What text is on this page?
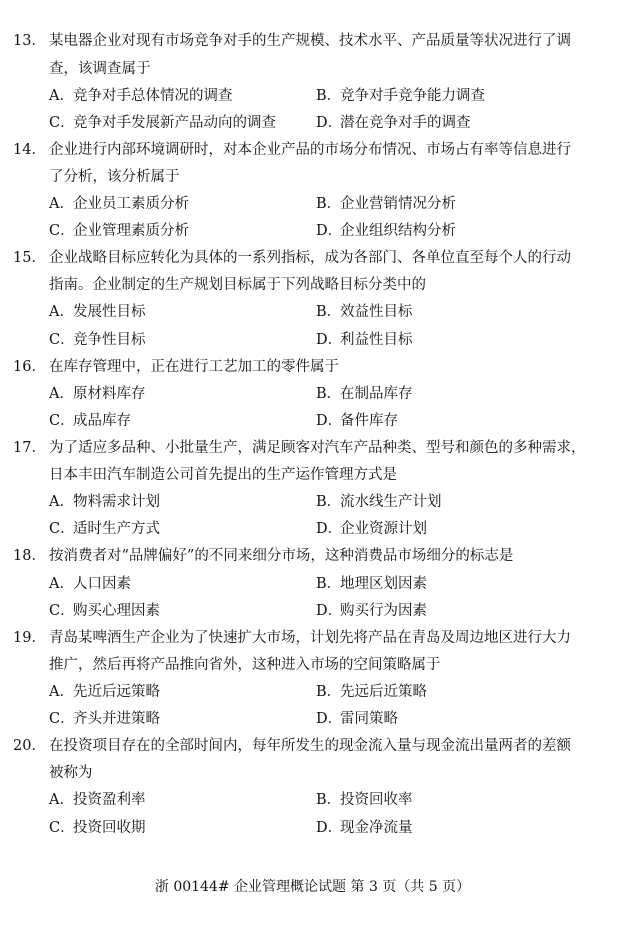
13． 某电器企业对现有市场竞争对手的生产规模、技术水平、产品质量等状况进行了调
查，该调查属于
A．竞争对手总体情况的调查	B．竞争对手竞争能力调查
C．竞争对手发展新产品动向的调查	D．潜在竞争对手的调查
14． 企业进行内部环境调研时，对本企业产品的市场分布情况、市场占有率等信息进行
了分析，该分析属于
A．企业员工素质分析	B．企业营销情况分析
C．企业管理素质分析	D．企业组织结构分析
15． 企业战略目标应转化为具体的一系列指标，成为各部门、各单位直至每个人的行动
指南。企业制定的生产规划目标属于下列战略目标分类中的
A．发展性目标	B．效益性目标
C．竞争性目标	D．利益性目标
16． 在库存管理中，正在进行工艺加工的零件属于
A．原材料库存	B．在制品库存
C．成品库存	D．备件库存
17． 为了适应多品种、小批量生产，满足顾客对汽车产品种类、型号和颜色的多种需求，
日本丰田汽车制造公司首先提出的生产运作管理方式是
A．物料需求计划	B．流水线生产计划
C．适时生产方式	D．企业资源计划
18． 按消费者对“品牌偏好”的不同来细分市场，这种消费品市场细分的标志是
A．人口因素	B．地理区划因素
C．购买心理因素	D．购买行为因素
19． 青岛某啤酒生产企业为了快速扩大市场，计划先将产品在青岛及周边地区进行大力
推广，然后再将产品推向省外，这种进入市场的空间策略属于
A．先近后远策略	B．先远后近策略
C．齐头并进策略	D．雷同策略
20． 在投资项目存在的全部时间内，每年所发生的现金流入量与现金流出量两者的差额
被称为
A．投资盈利率	B．投资回收率
C．投资回收期	D．现金净流量
浙 00144# 企业管理概论试题 第 3 页（共 5 页）
